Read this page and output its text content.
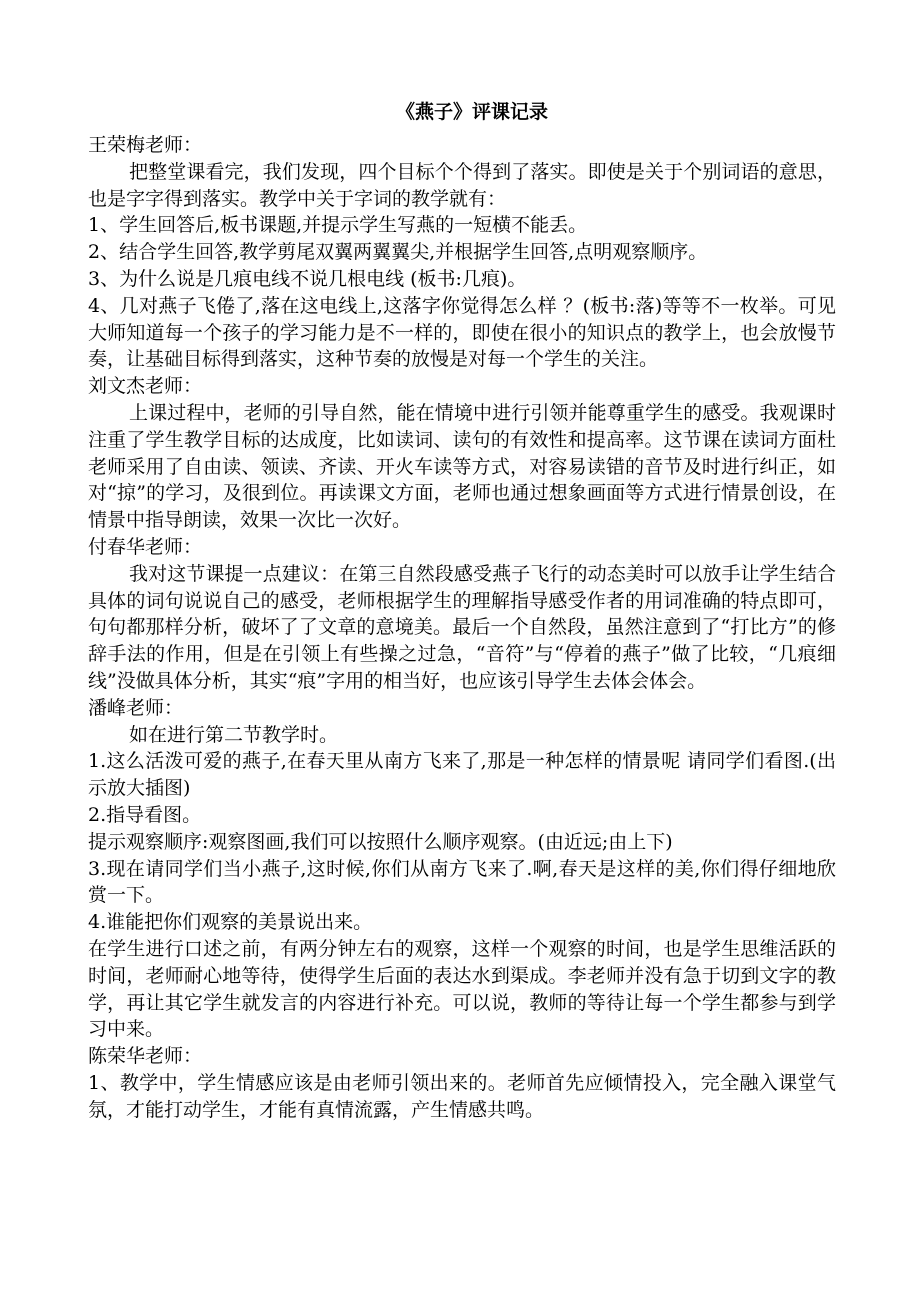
《燕子》评课记录
王荣梅老师：
把整堂课看完，我们发现，四个目标个个得到了落实。即使是关于个别词语的意思，也是字字得到落实。教学中关于字词的教学就有：
1、学生回答后,板书课题,并提示学生写燕的一短横不能丢。
2、结合学生回答,教学剪尾双翼两翼翼尖,并根据学生回答,点明观察顺序。
3、为什么说是几痕电线不说几根电线 (板书:几痕)。
4、几对燕子飞倦了,落在这电线上,这落字你觉得怎么样 ？(板书:落)等等不一枚举。可见大师知道每一个孩子的学习能力是不一样的，即使在很小的知识点的教学上，也会放慢节奏，让基础目标得到落实，这种节奏的放慢是对每一个学生的关注。
刘文杰老师：
上课过程中，老师的引导自然，能在情境中进行引领并能尊重学生的感受。我观课时注重了学生教学目标的达成度，比如读词、读句的有效性和提高率。这节课在读词方面杜老师采用了自由读、领读、齐读、开火车读等方式，对容易读错的音节及时进行纠正，如对“掠”的学习，及很到位。再读课文方面，老师也通过想象画面等方式进行情景创设，在情景中指导朗读，效果一次比一次好。
付春华老师：
我对这节课提一点建议：在第三自然段感受燕子飞行的动态美时可以放手让学生结合具体的词句说说自己的感受，老师根据学生的理解指导感受作者的用词准确的特点即可，句句都那样分析，破坏了了文章的意境美。最后一个自然段，虽然注意到了“打比方”的修辞手法的作用，但是在引领上有些操之过急，“音符”与“停着的燕子”做了比较，“几痕细线”没做具体分析，其实“痕”字用的相当好，也应该引导学生去体会体会。
潘峰老师：
如在进行第二节教学时。
1.这么活泼可爱的燕子,在春天里从南方飞来了,那是一种怎样的情景呢 请同学们看图.(出示放大插图)
2.指导看图。
提示观察顺序:观察图画,我们可以按照什么顺序观察。(由近远;由上下)
3.现在请同学们当小燕子,这时候,你们从南方飞来了.啊,春天是这样的美,你们得仔细地欣赏一下。
4.谁能把你们观察的美景说出来。
在学生进行口述之前，有两分钟左右的观察，这样一个观察的时间，也是学生思维活跃的时间，老师耐心地等待，使得学生后面的表达水到渠成。李老师并没有急于切到文字的教学，再让其它学生就发言的内容进行补充。可以说，教师的等待让每一个学生都参与到学习中来。
陈荣华老师：
1、教学中，学生情感应该是由老师引领出来的。老师首先应倾情投入，完全融入课堂气氛，才能打动学生，才能有真情流露，产生情感共鸣。
